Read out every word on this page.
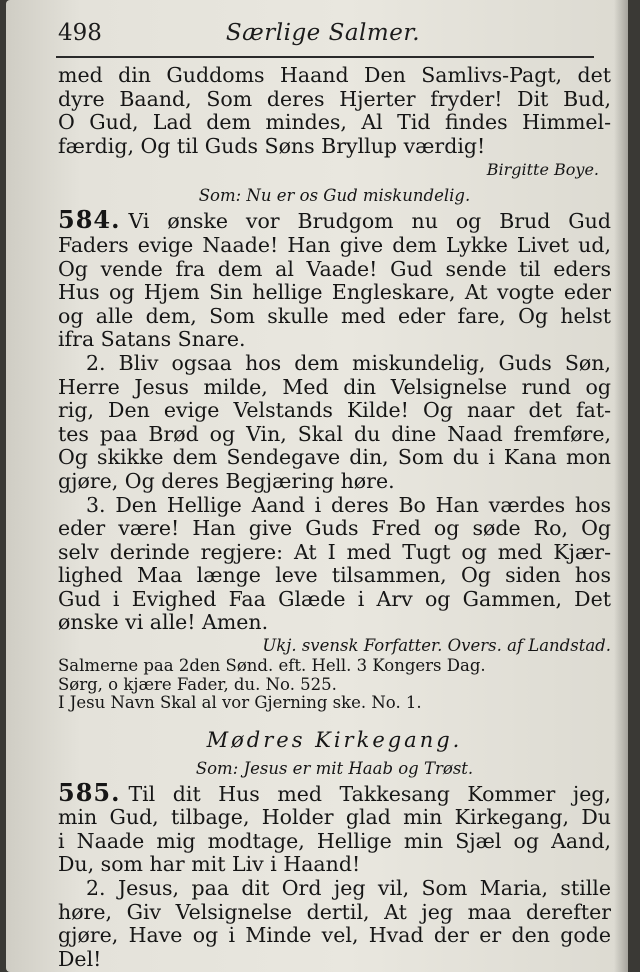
498	Særlige Salmer.

med din Guddoms Haand Den Samlivs-Pagt, det
dyre Baand, Som deres Hjerter fryder! Dit Bud,
O Gud, Lad dem mindes, Al Tid findes Himmel-
færdig, Og til Guds Søns Bryllup værdig!

Birgitte Boye.
Som: Nu er os Gud miskundelig.

584. Vi ønske vor Brudgom nu og Brud Gud
Faders evige Naade! Han give dem Lykke Livet ud,
Og vende fra dem al Vaade! Gud sende til eders
Hus og Hjem Sin hellige Engleskare, At vogte eder
og alle dem, Som skulle med eder fare, Og helst
ifra Satans Snare.

2. Bliv ogsaa hos dem miskundelig, Guds Søn,
Herre Jesus milde, Med din Velsignelse rund og
rig, Den evige Velstands Kilde! Og naar det fat-
tes paa Brød og Vin, Skal du dine Naad fremføre,
Og skikke dem Sendegave din, Som du i Kana mon
gjøre, Og deres Begjæring høre.

3. Den Hellige Aand i deres Bo Han værdes hos
eder være! Han give Guds Fred og søde Ro, Og
selv derinde regjere: At I med Tugt og med Kjær-
lighed Maa længe leve tilsammen, Og siden hos
Gud i Evighed Faa Glæde i Arv og Gammen, Det
ønske vi alle! Amen.

Ukj. svensk Forfatter. Overs. af Landstad.
Salmerne paa 2den Sønd. eft. Hell. 3 Kongers Dag.
Sørg, o kjære Fader, du. No. 525.
I Jesu Navn Skal al vor Gjerning ske. No. 1.
Mødres Kirkegang.
Som: Jesus er mit Haab og Trøst.

585. Til dit Hus med Takkesang Kommer jeg,
min Gud, tilbage, Holder glad min Kirkegang, Du
i Naade mig modtage, Hellige min Sjæl og Aand,
Du, som har mit Liv i Haand!

2. Jesus, paa dit Ord jeg vil, Som Maria, stille
høre, Giv Velsignelse dertil, At jeg maa derefter
gjøre, Have og i Minde vel, Hvad der er den gode
Del!
